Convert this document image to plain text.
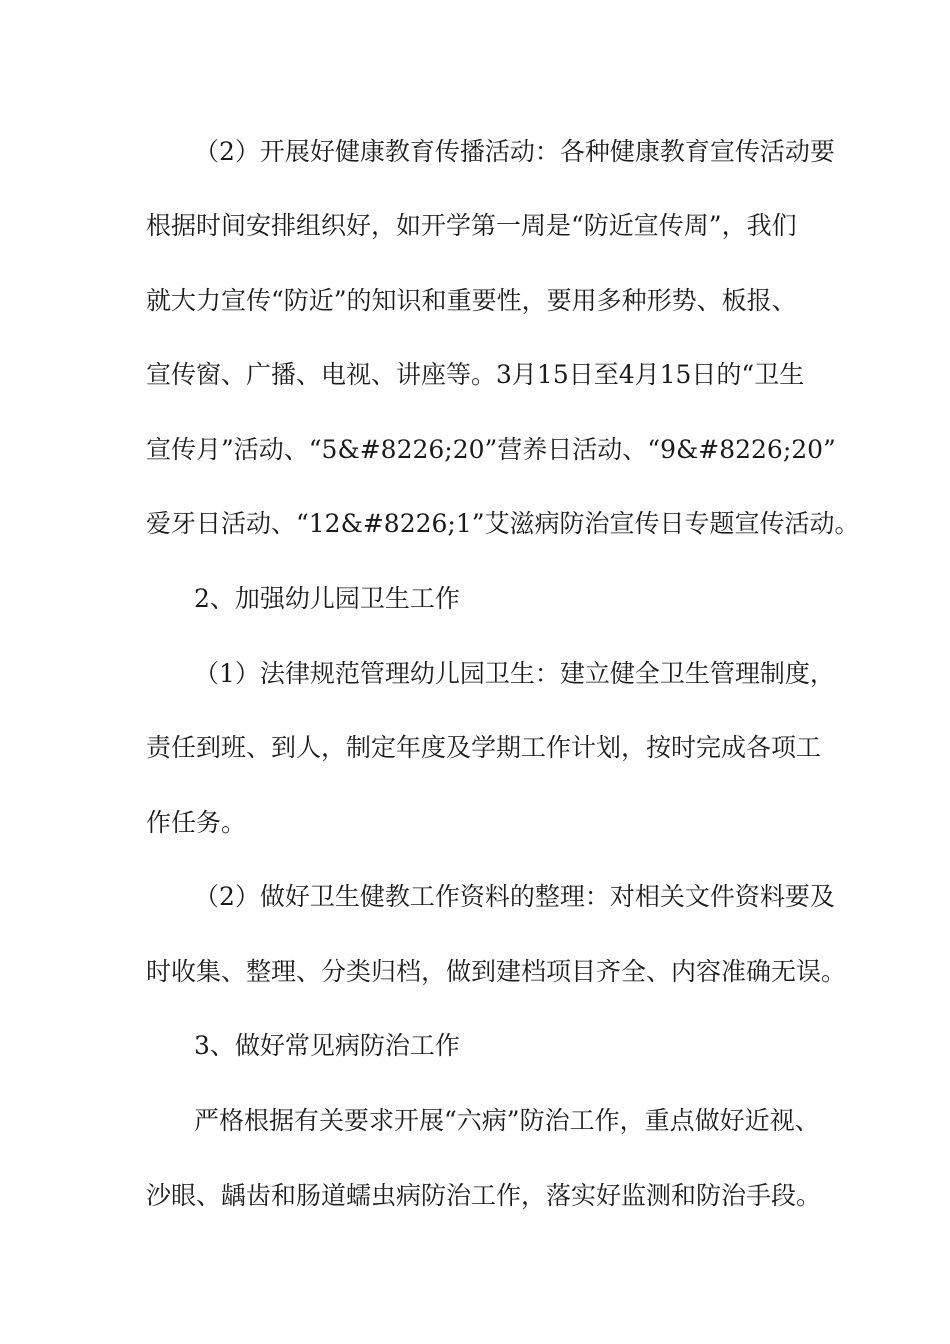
（2）开展好健康教育传播活动：各种健康教育宣传活动要
根据时间安排组织好，如开学第一周是“防近宣传周”，我们
就大力宣传“防近”的知识和重要性，要用多种形势、板报、
宣传窗、广播、电视、讲座等。3月15日至4月15日的“卫生
宣传月”活动、“5&#8226;20”营养日活动、“9&#8226;20”
爱牙日活动、“12&#8226;1”艾滋病防治宣传日专题宣传活动。
2、加强幼儿园卫生工作
（1）法律规范管理幼儿园卫生：建立健全卫生管理制度，
责任到班、到人，制定年度及学期工作计划，按时完成各项工
作任务。
（2）做好卫生健教工作资料的整理：对相关文件资料要及
时收集、整理、分类归档，做到建档项目齐全、内容准确无误。
3、做好常见病防治工作
严格根据有关要求开展“六病”防治工作，重点做好近视、
沙眼、龋齿和肠道蠕虫病防治工作，落实好监测和防治手段。
